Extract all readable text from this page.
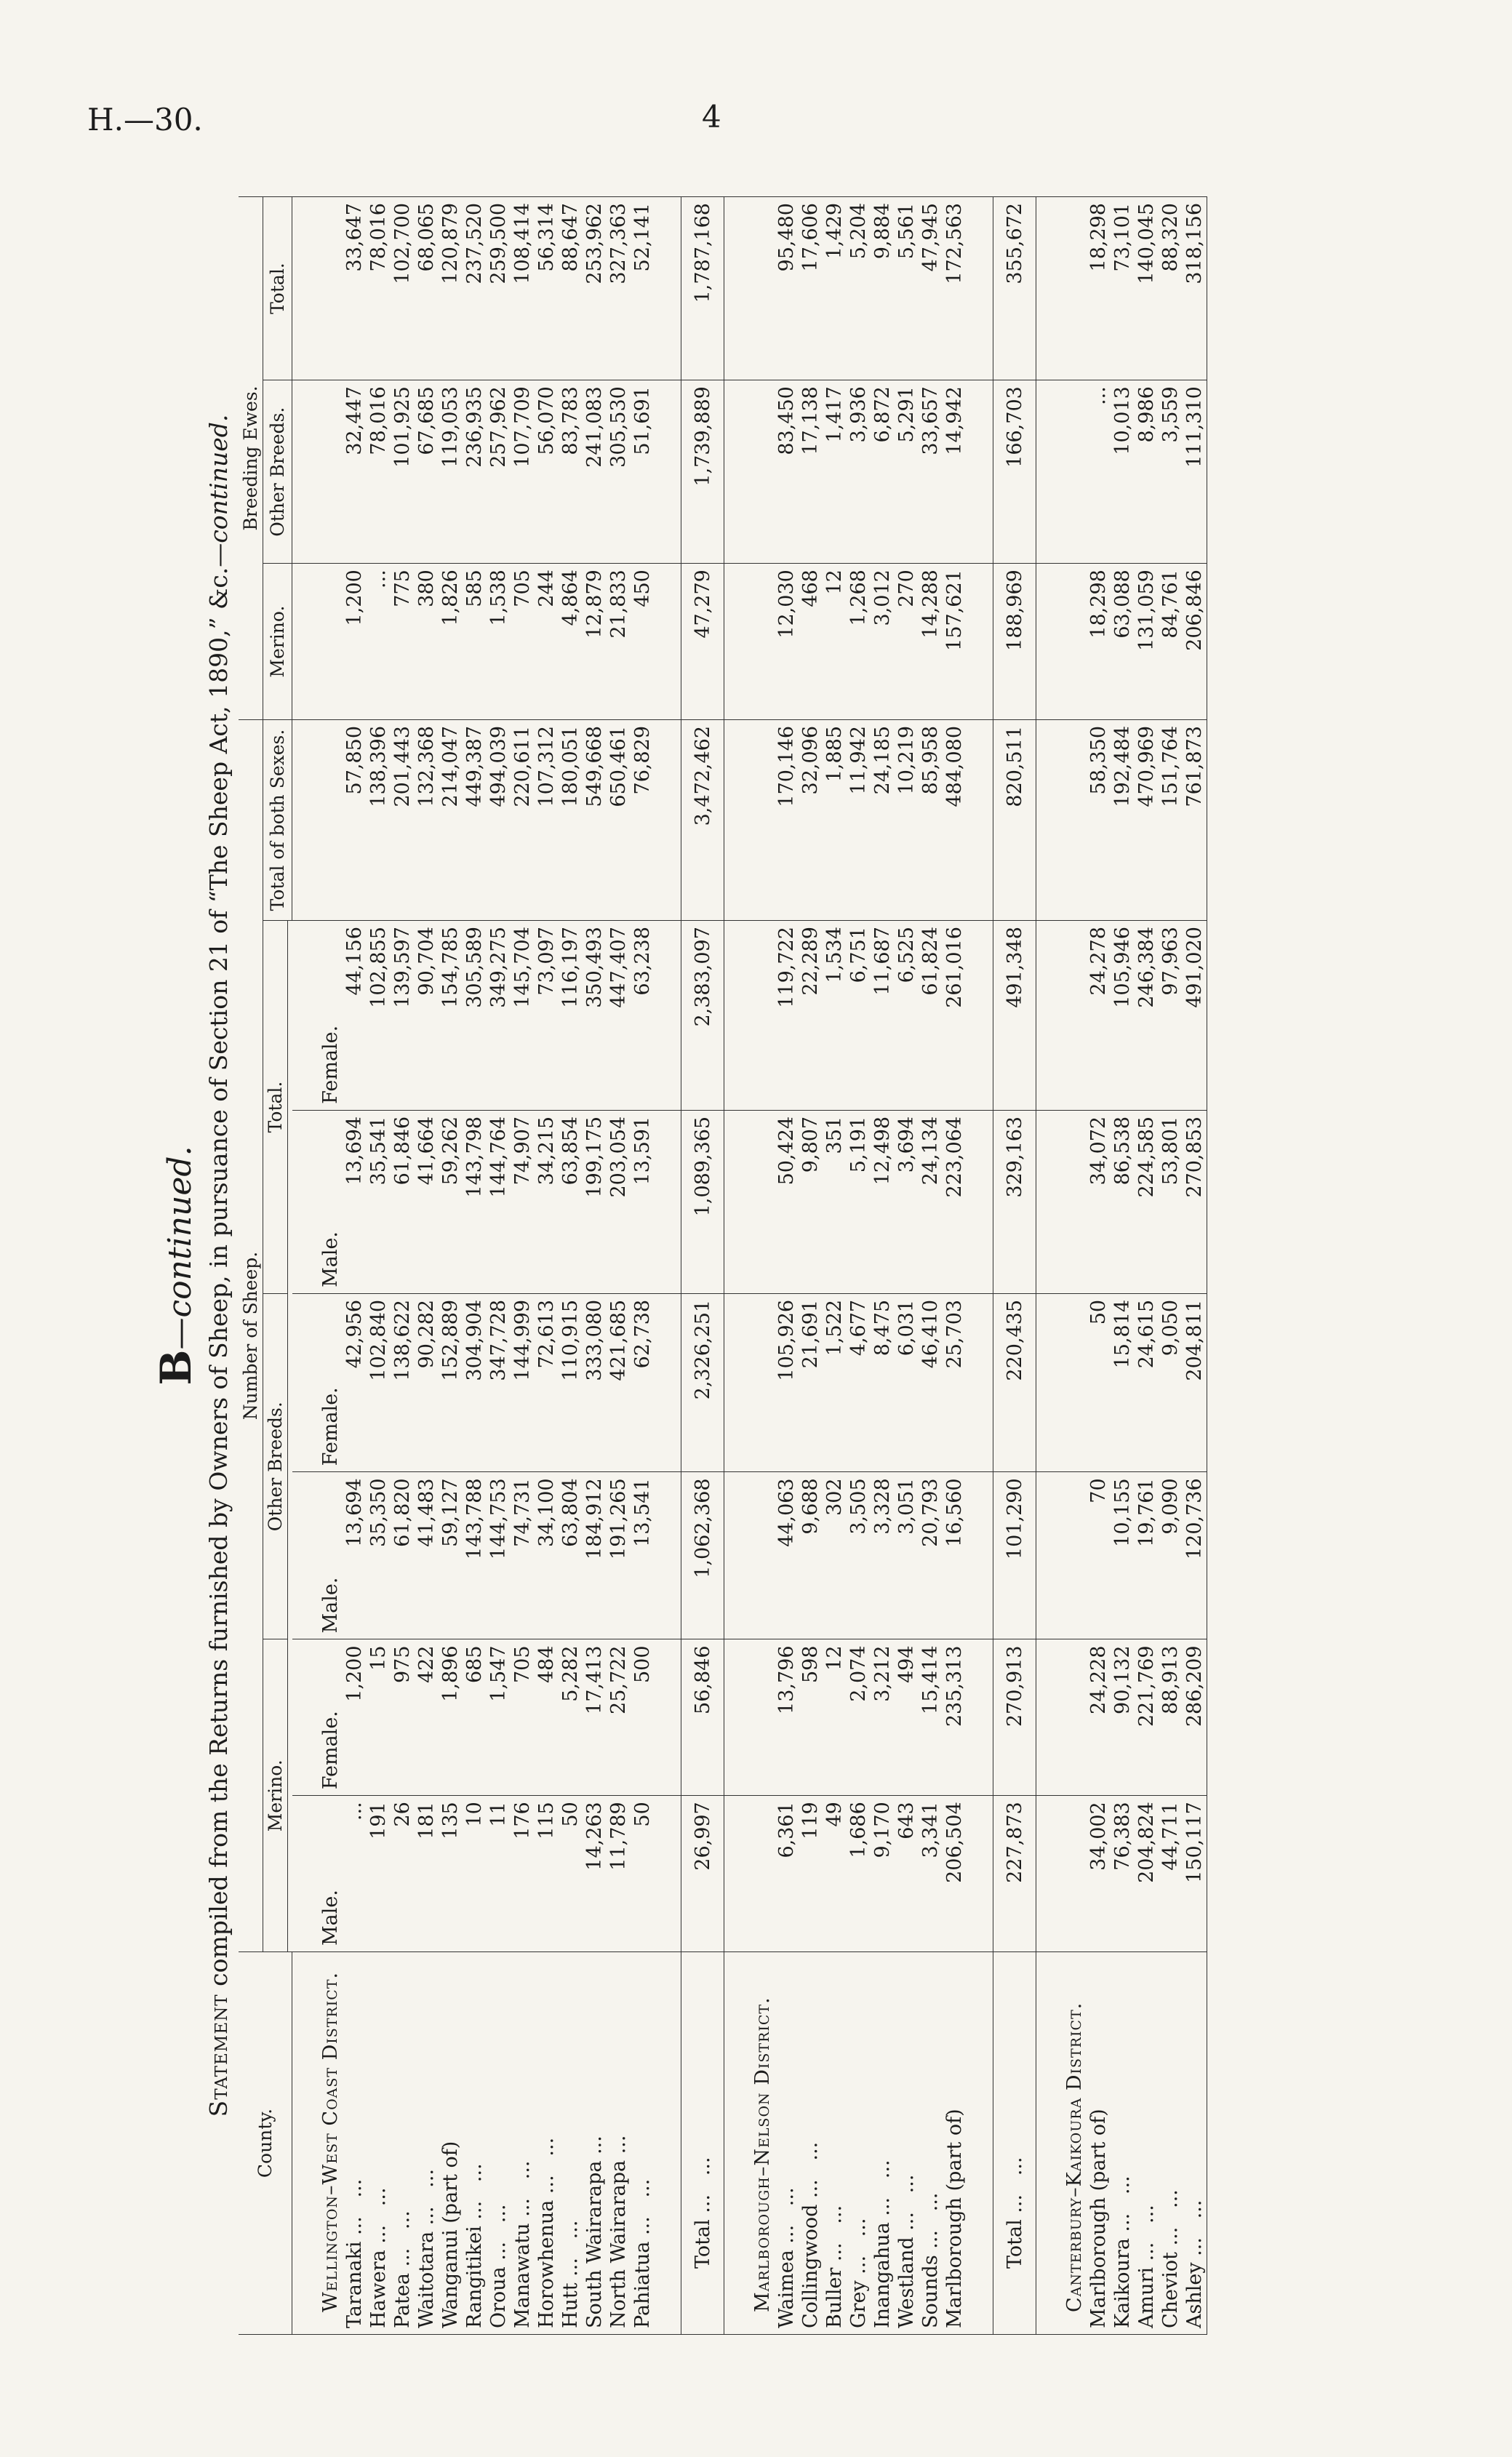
H.—30.	4
B—continued.
Statement compiled from the Returns furnished by Owners of Sheep, in pursuance of Section 21 of “The Sheep Act, 1890,” &c.—continued.
County.	Number of Sheep.							Breeding Ewes.		
	Merino.		Other Breeds.		Total.		Total of both Sexes.	Merino.	Other Breeds.	Total.

Wellington–West Coast District.	Male.	Female.	Male.	Female.	Male.	Female.				
Taranaki ...   ...	...	1,200	13,694	42,956	13,694	44,156	57,850	1,200	32,447	33,647
Hawera ...   ...	191	15	35,350	102,840	35,541	102,855	138,396	...	78,016	78,016
Patea ...   ...	26	975	61,820	138,622	61,846	139,597	201,443	775	101,925	102,700
Waitotara ...   ...	181	422	41,483	90,282	41,664	90,704	132,368	380	67,685	68,065
Wanganui (part of)	135	1,896	59,127	152,889	59,262	154,785	214,047	1,826	119,053	120,879
Rangitikei ...   ...	10	685	143,788	304,904	143,798	305,589	449,387	585	236,935	237,520
Oroua ...   ...	11	1,547	144,753	347,728	144,764	349,275	494,039	1,538	257,962	259,500
Manawatu ...   ...	176	705	74,731	144,999	74,907	145,704	220,611	705	107,709	108,414
Horowhenua ...   ...	115	484	34,100	72,613	34,215	73,097	107,312	244	56,070	56,314
Hutt ...   ...	50	5,282	63,804	110,915	63,854	116,197	180,051	4,864	83,783	88,647
South Wairarapa ...	14,263	17,413	184,912	333,080	199,175	350,493	549,668	12,879	241,083	253,962
North Wairarapa ...	11,789	25,722	191,265	421,685	203,054	447,407	650,461	21,833	305,530	327,363
Pahiatua ...   ...	50	500	13,541	62,738	13,591	63,238	76,829	450	51,691	52,141

Total ...   ...	26,997	56,846	1,062,368	2,326,251	1,089,365	2,383,097	3,472,462	47,279	1,739,889	1,787,168

Marlborough–Nelson District.										
Waimea ...   ...	6,361	13,796	44,063	105,926	50,424	119,722	170,146	12,030	83,450	95,480
Collingwood ...   ...	119	598	9,688	21,691	9,807	22,289	32,096	468	17,138	17,606
Buller ...   ...	49	12	302	1,522	351	1,534	1,885	12	1,417	1,429
Grey ...   ...	1,686	2,074	3,505	4,677	5,191	6,751	11,942	1,268	3,936	5,204
Inangahua ...   ...	9,170	3,212	3,328	8,475	12,498	11,687	24,185	3,012	6,872	9,884
Westland ...   ...	643	494	3,051	6,031	3,694	6,525	10,219	270	5,291	5,561
Sounds ...   ...	3,341	15,414	20,793	46,410	24,134	61,824	85,958	14,288	33,657	47,945
Marlborough (part of)	206,504	235,313	16,560	25,703	223,064	261,016	484,080	157,621	14,942	172,563

Total ...   ...	227,873	270,913	101,290	220,435	329,163	491,348	820,511	188,969	166,703	355,672

Canterbury–Kaikoura District.										
Marlborough (part of)	34,002	24,228	70	50	34,072	24,278	58,350	18,298	...	18,298
Kaikoura ...   ...	76,383	90,132	10,155	15,814	86,538	105,946	192,484	63,088	10,013	73,101
Amuri ...   ...	204,824	221,769	19,761	24,615	224,585	246,384	470,969	131,059	8,986	140,045
Cheviot ...   ...	44,711	88,913	9,090	9,050	53,801	97,963	151,764	84,761	3,559	88,320
Ashley ...   ...	150,117	286,209	120,736	204,811	270,853	491,020	761,873	206,846	111,310	318,156
